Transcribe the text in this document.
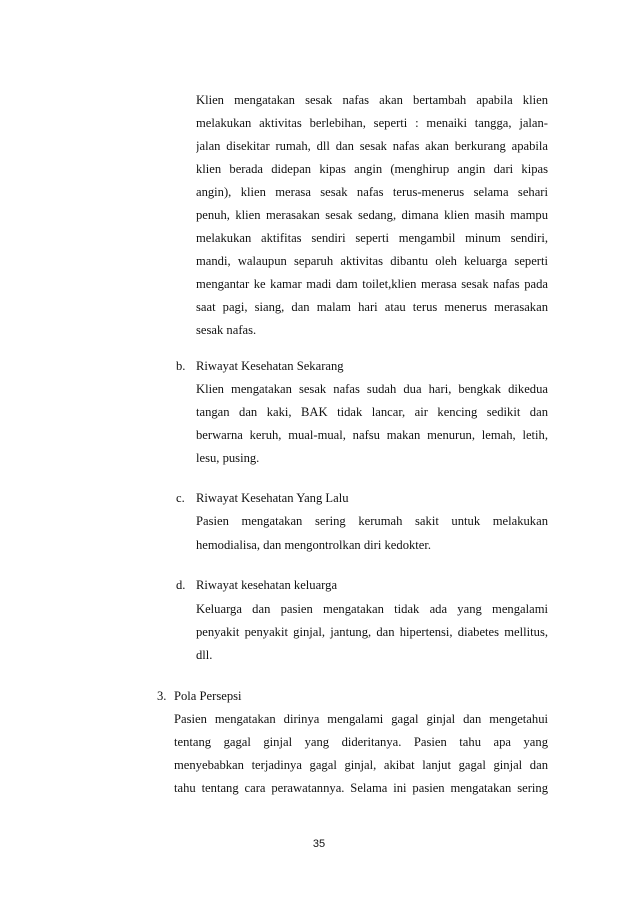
Klien mengatakan sesak nafas akan bertambah apabila klien
melakukan aktivitas berlebihan, seperti : menaiki tangga, jalan-
jalan disekitar rumah, dll dan sesak nafas akan berkurang apabila
klien berada didepan kipas angin (menghirup angin dari kipas
angin), klien merasa sesak nafas terus-menerus selama sehari
penuh, klien merasakan sesak sedang, dimana klien masih mampu
melakukan aktifitas sendiri seperti mengambil minum sendiri,
mandi, walaupun separuh aktivitas dibantu oleh keluarga seperti
mengantar ke kamar madi dam toilet,klien merasa sesak nafas pada
saat pagi, siang, dan malam hari atau terus menerus merasakan
sesak nafas.
b. Riwayat Kesehatan Sekarang
Klien mengatakan sesak nafas sudah dua hari, bengkak dikedua
tangan dan kaki, BAK tidak lancar, air kencing sedikit dan
berwarna keruh, mual-mual, nafsu makan menurun, lemah, letih,
lesu, pusing.
c. Riwayat Kesehatan Yang Lalu
Pasien mengatakan sering kerumah sakit untuk melakukan
hemodialisa, dan mengontrolkan diri kedokter.
d. Riwayat kesehatan keluarga
Keluarga dan pasien mengatakan tidak ada yang mengalami
penyakit penyakit ginjal, jantung, dan hipertensi, diabetes mellitus,
dll.
3. Pola Persepsi
Pasien mengatakan dirinya mengalami gagal ginjal dan mengetahui
tentang gagal ginjal yang dideritanya. Pasien tahu apa yang
menyebabkan terjadinya gagal ginjal, akibat lanjut gagal ginjal dan
tahu tentang cara perawatannya. Selama ini pasien mengatakan sering
35
